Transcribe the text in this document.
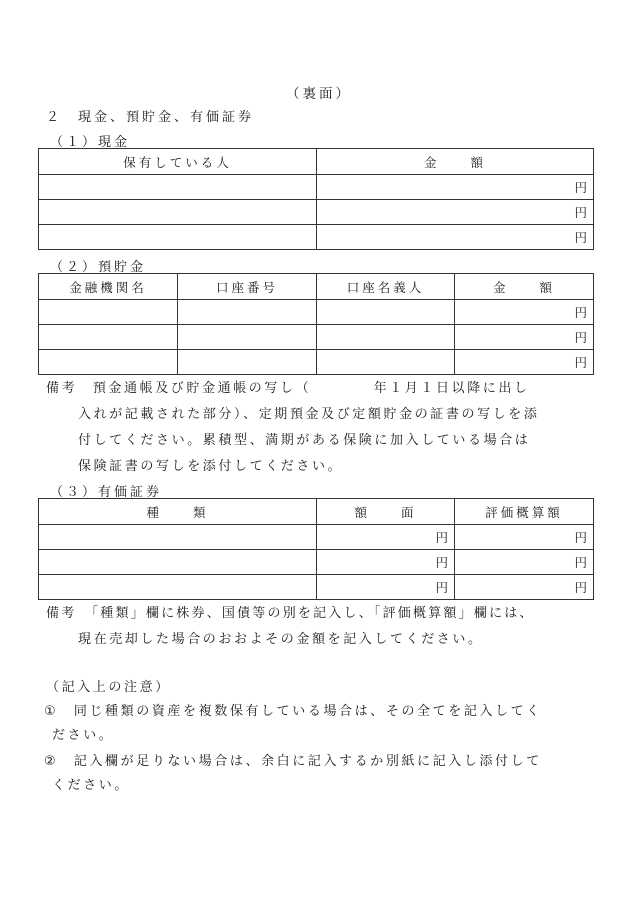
（裏面）
２　現金、預貯金、有価証券
（１）現金
保有している人	金　　額
	円
	円
	円
（２）預貯金
金融機関名	口座番号	口座名義人	金　　額
			円
			円
			円
備考　預金通帳及び貯金通帳の写し（　　　　年１月１日以降に出し
入れが記載された部分）、定期預金及び定額貯金の証書の写しを添
付してください。累積型、満期がある保険に加入している場合は
保険証書の写しを添付してください。
（３）有価証券
種　　類	額　　面	評価概算額
	円	円
	円	円
	円	円
備考　「種類」欄に株券、国債等の別を記入し、「評価概算額」欄には、
現在売却した場合のおおよその金額を記入してください。
（記入上の注意）
①　同じ種類の資産を複数保有している場合は、その全てを記入してく
ださい。
②　記入欄が足りない場合は、余白に記入するか別紙に記入し添付して
ください。
